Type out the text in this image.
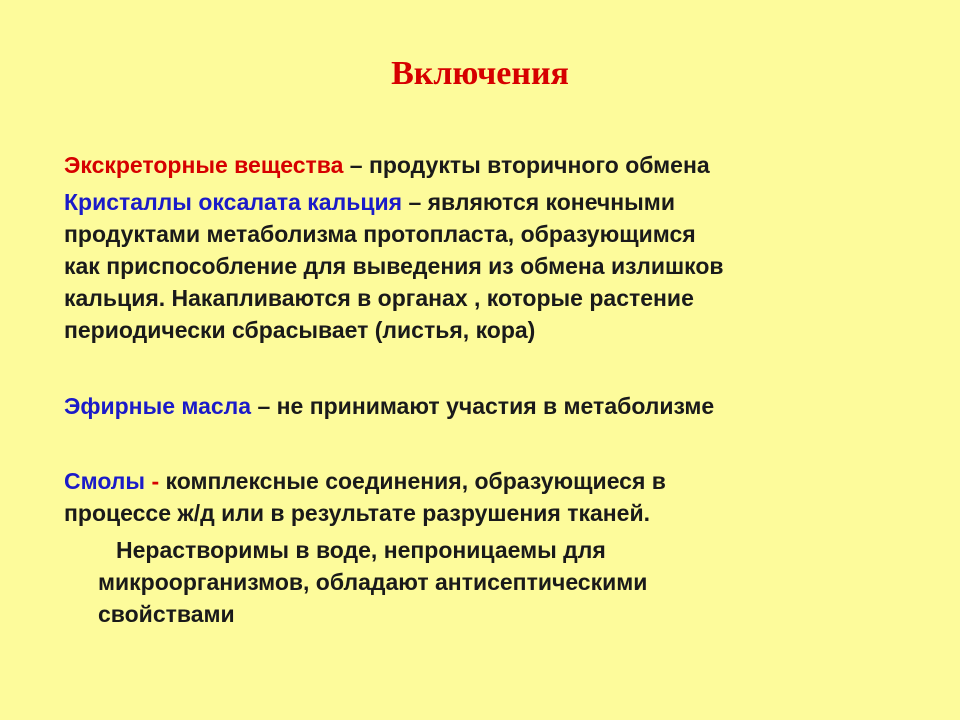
Включения
Экскреторные вещества – продукты вторичного обмена
Кристаллы оксалата кальция – являются конечными
продуктами метаболизма протопласта, образующимся
как приспособление для выведения из обмена излишков
кальция. Накапливаются в органах , которые растение
периодически сбрасывает (листья, кора)
Эфирные масла – не принимают участия в метаболизме
Смолы - комплексные соединения, образующиеся в
процессе ж/д или в результате разрушения тканей.
Нерастворимы в воде, непроницаемы для
микроорганизмов, обладают антисептическими
свойствами
